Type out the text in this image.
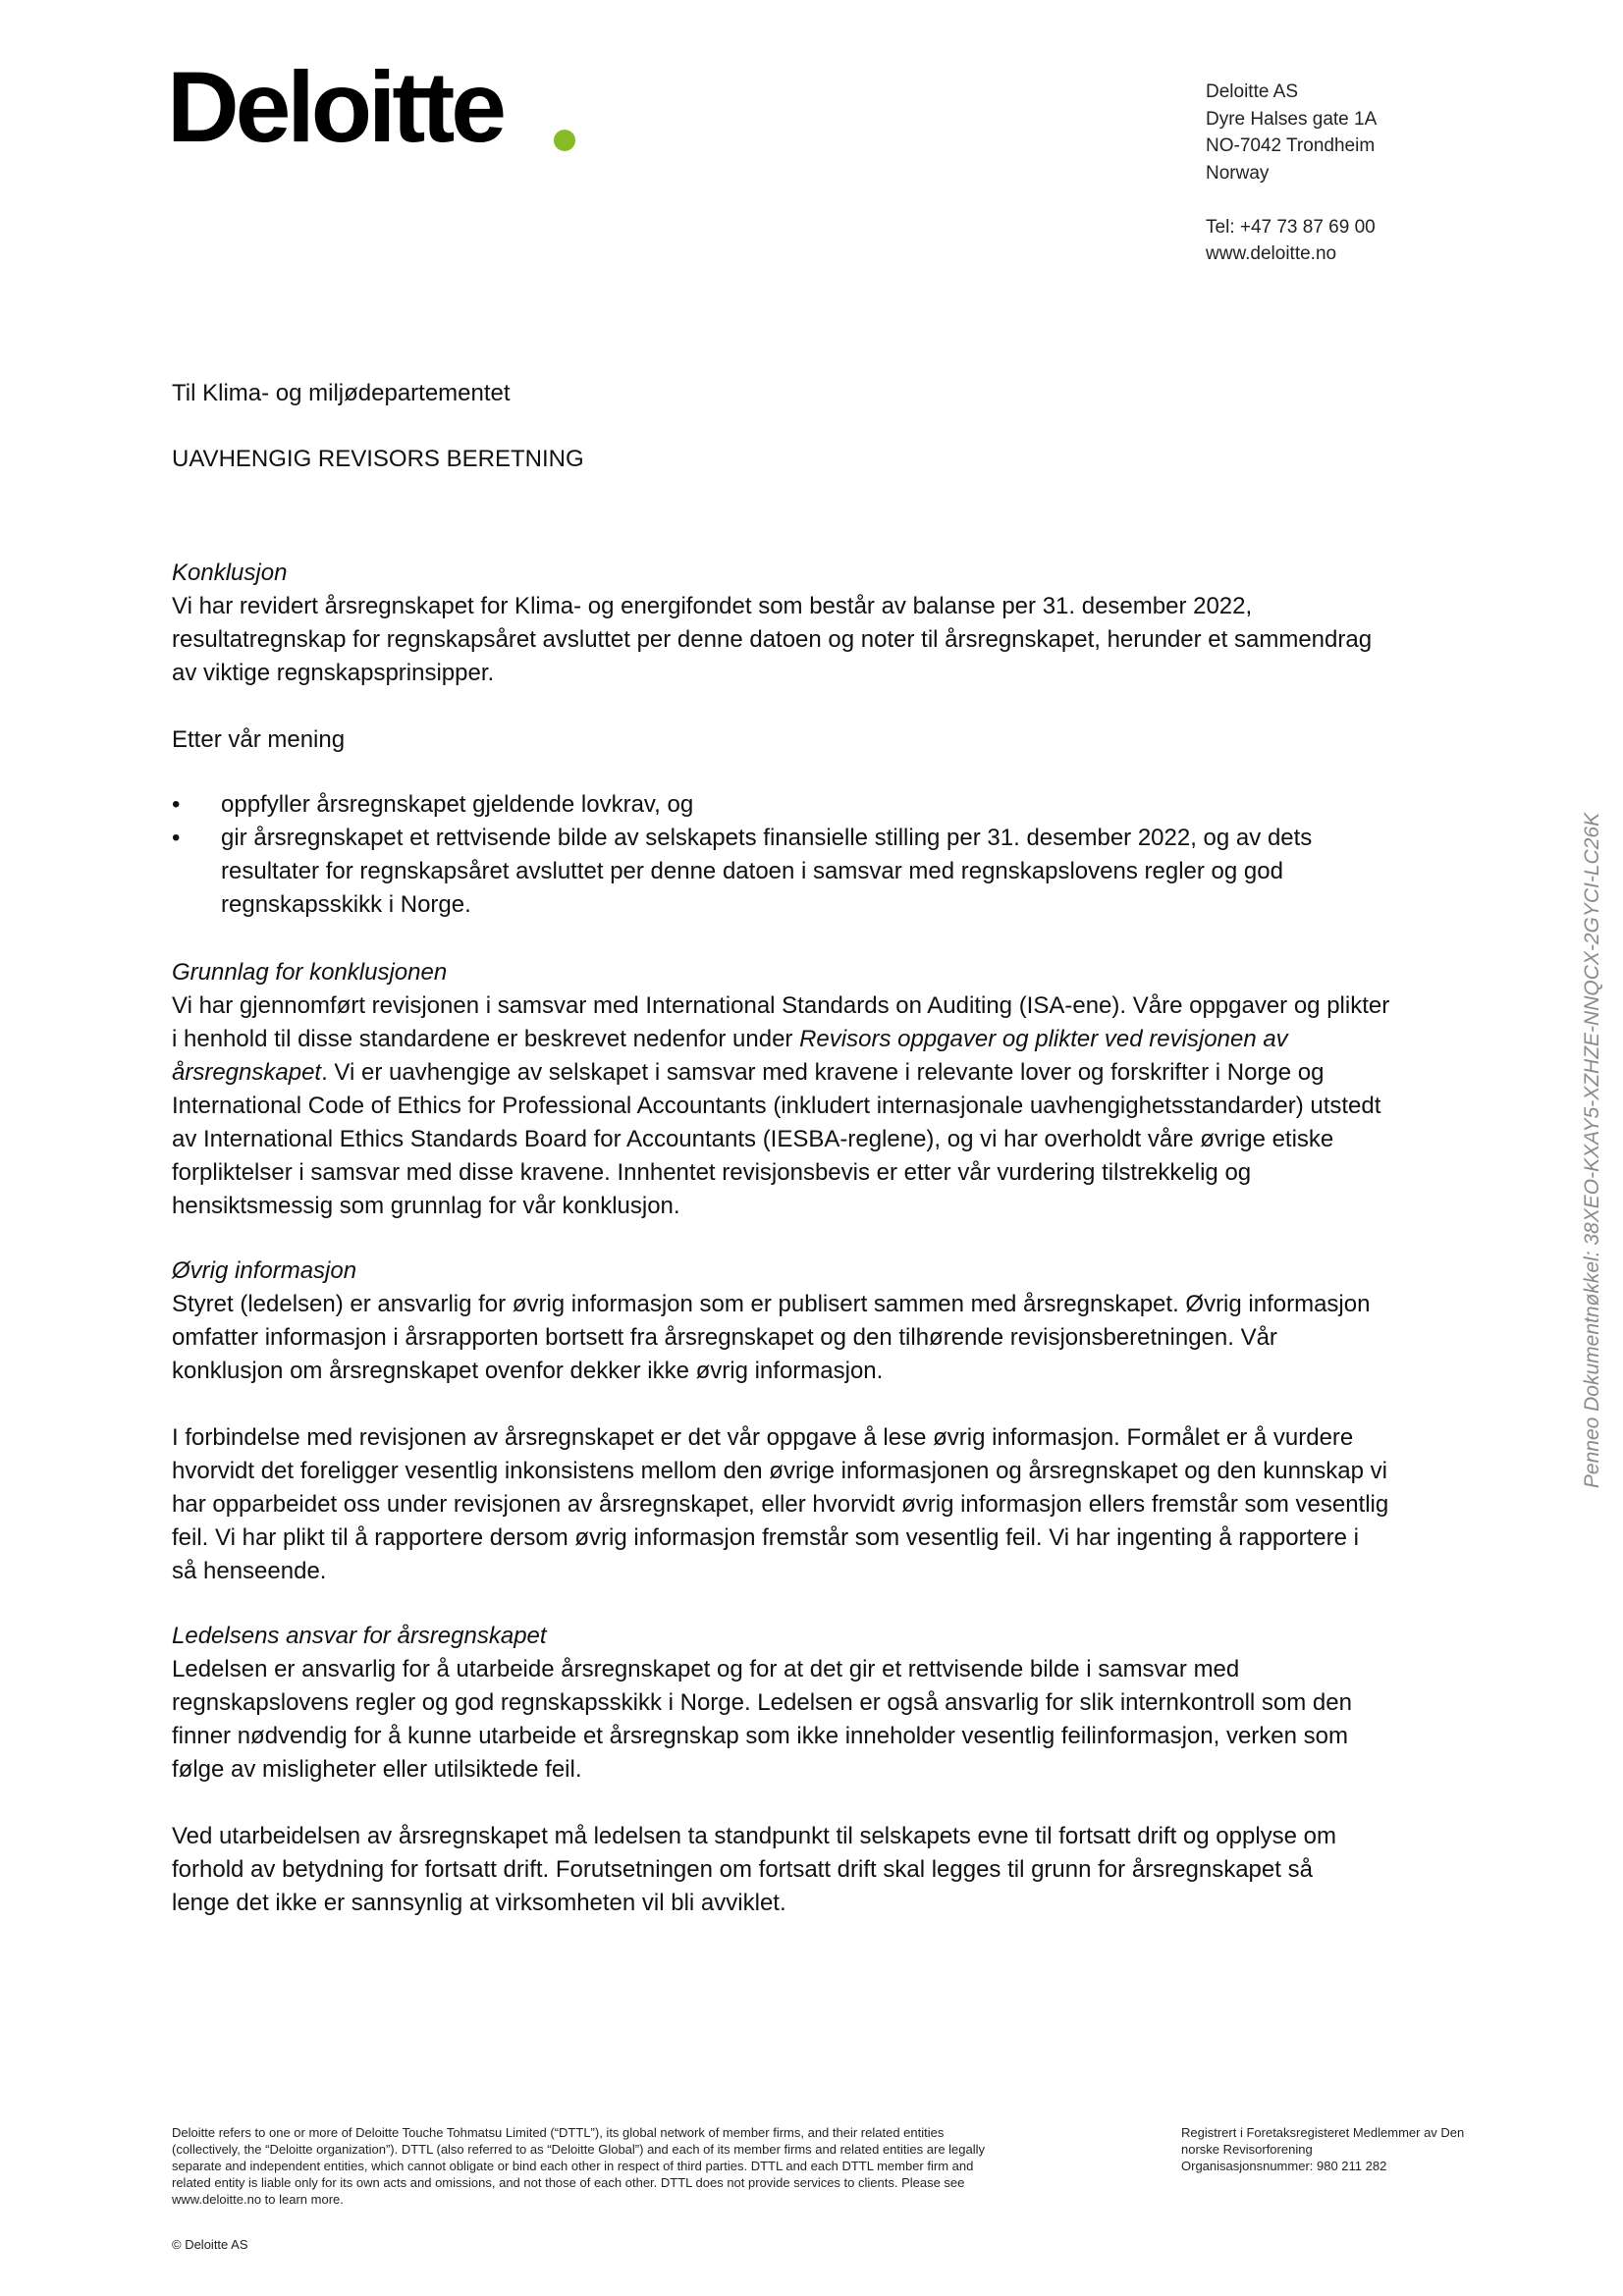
Deloitte	Deloitte AS
Dyre Halses gate 1A
NO-7042 Trondheim
Norway
Tel: +47 73 87 69 00
www.deloitte.no
Til Klima- og miljødepartementet
UAVHENGIG REVISORS BERETNING
Konklusjon
Vi har revidert årsregnskapet for Klima- og energifondet som består av balanse per 31. desember 2022,
resultatregnskap for regnskapsåret avsluttet per denne datoen og noter til årsregnskapet, herunder et sammendrag
av viktige regnskapsprinsipper.

Etter vår mening
• oppfyller årsregnskapet gjeldende lovkrav, og
• gir årsregnskapet et rettvisende bilde av selskapets finansielle stilling per 31. desember 2022, og av dets
resultater for regnskapsåret avsluttet per denne datoen i samsvar med regnskapslovens regler og god
regnskapsskikk i Norge.
Grunnlag for konklusjonen
Vi har gjennomført revisjonen i samsvar med International Standards on Auditing (ISA-ene). Våre oppgaver og plikter
i henhold til disse standardene er beskrevet nedenfor under Revisors oppgaver og plikter ved revisjonen av
årsregnskapet. Vi er uavhengige av selskapet i samsvar med kravene i relevante lover og forskrifter i Norge og
International Code of Ethics for Professional Accountants (inkludert internasjonale uavhengighetsstandarder) utstedt
av International Ethics Standards Board for Accountants (IESBA-reglene), og vi har overholdt våre øvrige etiske
forpliktelser i samsvar med disse kravene. Innhentet revisjonsbevis er etter vår vurdering tilstrekkelig og
hensiktsmessig som grunnlag for vår konklusjon.
Øvrig informasjon
Styret (ledelsen) er ansvarlig for øvrig informasjon som er publisert sammen med årsregnskapet. Øvrig informasjon
omfatter informasjon i årsrapporten bortsett fra årsregnskapet og den tilhørende revisjonsberetningen. Vår
konklusjon om årsregnskapet ovenfor dekker ikke øvrig informasjon.

I forbindelse med revisjonen av årsregnskapet er det vår oppgave å lese øvrig informasjon. Formålet er å vurdere
hvorvidt det foreligger vesentlig inkonsistens mellom den øvrige informasjonen og årsregnskapet og den kunnskap vi
har opparbeidet oss under revisjonen av årsregnskapet, eller hvorvidt øvrig informasjon ellers fremstår som vesentlig
feil. Vi har plikt til å rapportere dersom øvrig informasjon fremstår som vesentlig feil. Vi har ingenting å rapportere i
så henseende.
Ledelsens ansvar for årsregnskapet
Ledelsen er ansvarlig for å utarbeide årsregnskapet og for at det gir et rettvisende bilde i samsvar med
regnskapslovens regler og god regnskapsskikk i Norge. Ledelsen er også ansvarlig for slik internkontroll som den
finner nødvendig for å kunne utarbeide et årsregnskap som ikke inneholder vesentlig feilinformasjon, verken som
følge av misligheter eller utilsiktede feil.

Ved utarbeidelsen av årsregnskapet må ledelsen ta standpunkt til selskapets evne til fortsatt drift og opplyse om
forhold av betydning for fortsatt drift. Forutsetningen om fortsatt drift skal legges til grunn for årsregnskapet så
lenge det ikke er sannsynlig at virksomheten vil bli avviklet.
Deloitte refers to one or more of Deloitte Touche Tohmatsu Limited (“DTTL”), its global network of member firms, and their related entities
(collectively, the “Deloitte organization”). DTTL (also referred to as “Deloitte Global”) and each of its member firms and related entities are legally
separate and independent entities, which cannot obligate or bind each other in respect of third parties. DTTL and each DTTL member firm and
related entity is liable only for its own acts and omissions, and not those of each other. DTTL does not provide services to clients. Please see
www.deloitte.no to learn more.
Registrert i Foretaksregisteret Medlemmer av Den
norske Revisorforening
Organisasjonsnummer: 980 211 282
© Deloitte AS
Penneo Dokumentnøkkel: 38XEO-KXAY5-XZHZE-NNQCX-2GYCI-LC26K
